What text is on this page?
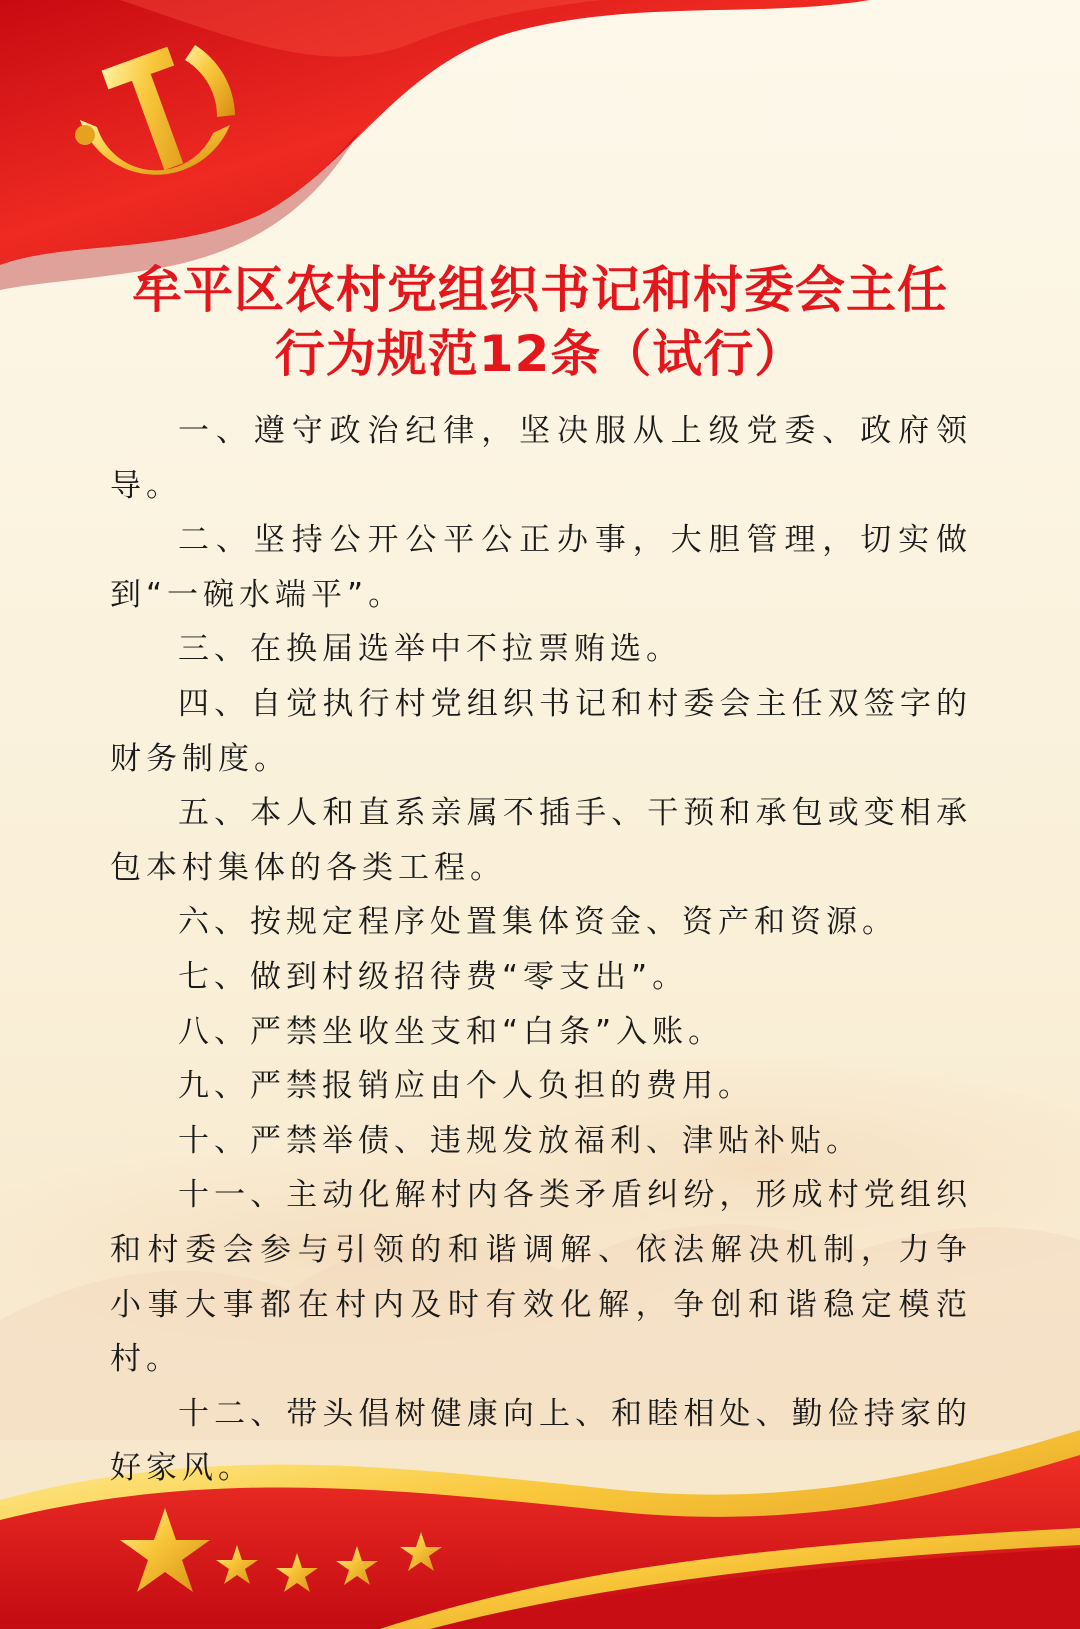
牟平区农村党组织书记和村委会主任
行为规范12条（试行）

一、遵守政治纪律，坚决服从上级党委、政府领导。

二、坚持公开公平公正办事，大胆管理，切实做到“一碗水端平”。

三、在换届选举中不拉票贿选。

四、自觉执行村党组织书记和村委会主任双签字的财务制度。

五、本人和直系亲属不插手、干预和承包或变相承包本村集体的各类工程。

六、按规定程序处置集体资金、资产和资源。

七、做到村级招待费“零支出”。

八、严禁坐收坐支和“白条”入账。

九、严禁报销应由个人负担的费用。

十、严禁举债、违规发放福利、津贴补贴。

十一、主动化解村内各类矛盾纠纷，形成村党组织和村委会参与引领的和谐调解、依法解决机制，力争小事大事都在村内及时有效化解，争创和谐稳定模范村。

十二、带头倡树健康向上、和睦相处、勤俭持家的好家风。
